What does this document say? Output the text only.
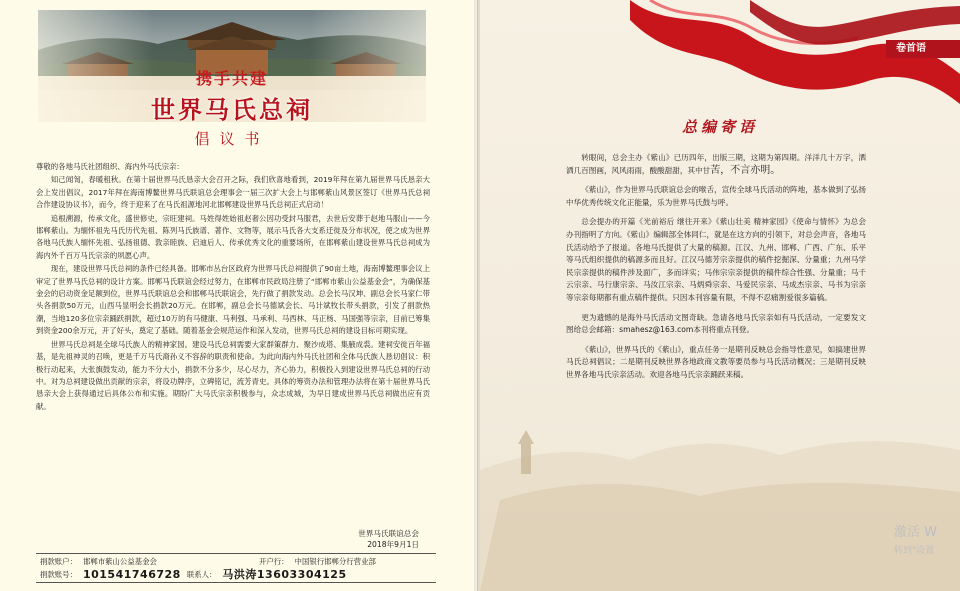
携手共建
世界马氏总祠
倡议书

尊敬的各地马氏社团组织、海内外马氏宗亲：

知己闻訇，春暖租秋。在第十届世界马氏恳亲大会召开之际，我们欣喜地看到，2019年拜在第九届世界马氏恳亲大会上发出倡议，2017年拜在海南博鳌世界马氏联谊总会理事会一届三次扩大会上与邯郸紫山风景区签订《世界马氏总祠合作建设协议书》，而今，终于迎来了在马氏祖源地河北邯郸建设世界马氏总祠正式启动！

追根溯源，传承文化，盛世修史，宗旺建祠。马姓得姓始祖赵奢公因功受封马服君，去世后安葬于赵地马服山——今邯郸紫山。为缅怀祖先马氏历代先祖、陈列马氏族谱、著作、文物等，展示马氏各大支系迁徙及分布状况，使之成为世界各地马氏族人缅怀先祖、弘扬祖德、敦亲睦族、启迪后人、传承优秀文化的重要场所，在邯郸紫山建设世界马氏总祠成为海内外千百万马氏宗亲的夙愿心声。

现在，建设世界马氏总祠的条件已经具备。邯郸市丛台区政府为世界马氏总祠提供了90亩土地，海南博鳌理事会议上审定了世界马氏总祠的设计方案。邯郸马氏联谊会经过努力，在邯郸市民政局注册了“邯郸市紫山公益基金会”，为确保基金会的启动资金足额到位，世界马氏联谊总会和邯郸马氏联谊会，先行做了捐款发动。总会长马汉坤、副总会长马家仁带头各捐款50万元，山西马显明会长捐款20万元。在邯郸，副总会长马德斌会长、马计斌牧长带头捐款，引发了捐款热潮，当地120多位宗亲踊跃捐款，超过10万的有马健康、马利强、马承利、马西林、马正杨、马国强等宗亲，目前已筹集到资金200余万元，开了好头，奠定了基础。随着基金会规范运作和深入发动，世界马氏总祠的建设目标可期实现。

世界马氏总祠是全球马氏族人的精神家园。建设马氏总祠需要大家群策群力、聚沙成塔、集腋成裘。建祠安徙百年福基，是先祖神灵的召唤，更是千万马氏裔孙义不容辞的职责和使命。为此向海内外马氏社团和全体马氏族人恳切倡议：积极行动起来，大张旗鼓发动，能力不分大小，捐款不分多少，尽心尽力，齐心协力，积极投入到建设世界马氏总祠的行动中。对为总祠建设做出贡献的宗亲，将设功牌序，立碑铭记，流芳青史。具体的筹资办法和管理办法将在第十届世界马氏恳亲大会上获得通过后具体公布和实施。期盼广大马氏宗亲积极参与，众志成城，为早日建成世界马氏总祠做出应有贡献。

世界马氏联谊总会
2018年9月1日
捐款账户： 邯郸市紫山公益基金会	开户行： 中国银行邯郸分行营业部
捐款账号： 101541746728 联系人： 马洪涛13603304125
卷首语
总编寄语

转眼间，总会主办《紫山》已历四年，出版三期，这期为第四期。洋洋几十万字，洒洒几百图画，风风雨雨，酸酸甜甜，其中甘苦，不言亦明。

《紫山》，作为世界马氏联谊总会的喉舌，宣传全球马氏活动的阵地，基本做到了弘扬中华优秀传统文化正能量，乐为世界马氏鼓与呼。

总会提办的开篇《光前裕后 继往开来》《紫山壮美 精神家园》《使命与情怀》为总会办刊指明了方向。《紫山》编辑部全体同仁，就是在这方向的引领下，对总会声音，各地马氏活动给予了报道。各地马氏提供了大量的稿源。江汉、九州、邯郸、广西、广东、乐平等马氏组织提供的稿源多而且好。江汉马德芳宗亲提供的稿件挖掘深、分量重；九州马学民宗亲提供的稿件涉及面广，多而详实；马伟宗宗亲提供的稿件综合性强、分量重；马千云宗亲、马行康宗亲、马汝江宗亲、马炳舜宗亲、马爱民宗亲、马成杰宗亲、马书为宗亲等宗亲每期都有重点稿件提供。只因本刊容量有限，不得不忍痛割爱很多篇稿。

更为遗憾的是海外马氏活动文图奇缺。急请各地马氏宗亲如有马氏活动，一定要发文图给总会邮箱：smahesz@163.com本刊将重点刊登。

《紫山》，世界马氏的《紫山》，重点任务一是期刊反映总会指导性意见，如搞建世界马氏总祠倡议；二是期刊反映世界各地政商文教等要员参与马氏活动概况；三是期刊反映世界各地马氏宗亲活动。欢迎各地马氏宗亲踊跃来稿。

激活 W
转到"设置
